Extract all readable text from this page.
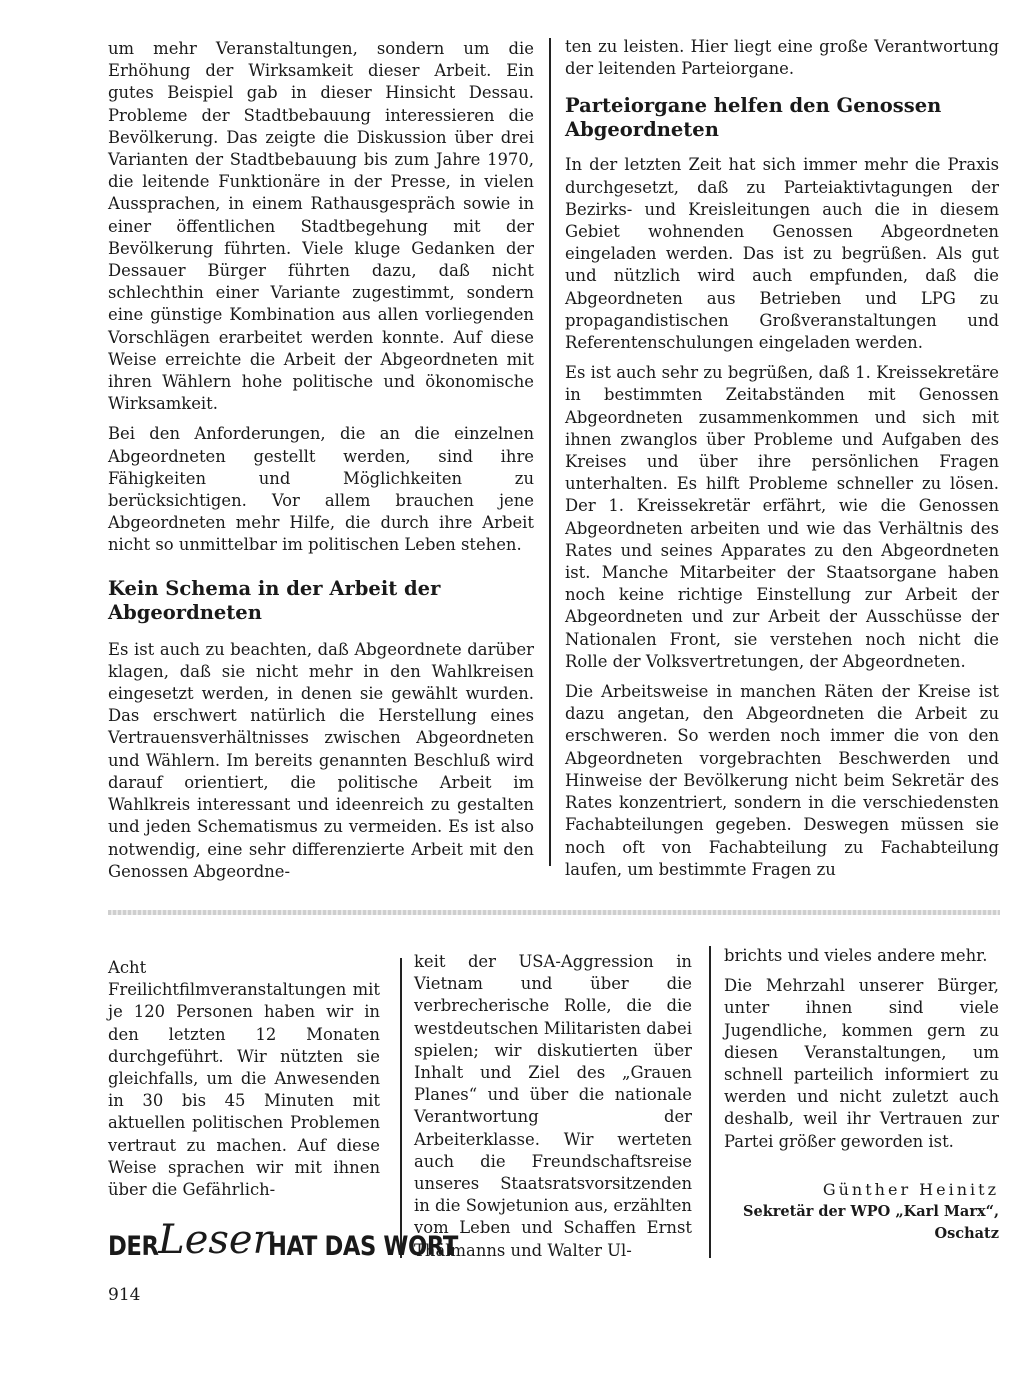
um mehr Veranstaltungen, sondern um die Erhöhung der Wirksamkeit dieser Arbeit. Ein gutes Beispiel gab in dieser Hinsicht Dessau. Probleme der Stadtbebauung interessieren die Bevölkerung. Das zeigte die Diskussion über drei Varianten der Stadtbebauung bis zum Jahre 1970, die leitende Funktionäre in der Presse, in vielen Aussprachen, in einem Rathausgespräch sowie in einer öffentlichen Stadtbegehung mit der Bevölkerung führten. Viele kluge Gedanken der Dessauer Bürger führten dazu, daß nicht schlechthin einer Variante zugestimmt, sondern eine günstige Kombination aus allen vorliegenden Vorschlägen erarbeitet werden konnte. Auf diese Weise erreichte die Arbeit der Abgeordneten mit ihren Wählern hohe politische und ökonomische Wirksamkeit.

Bei den Anforderungen, die an die einzelnen Abgeordneten gestellt werden, sind ihre Fähigkeiten und Möglichkeiten zu berücksichtigen. Vor allem brauchen jene Abgeordneten mehr Hilfe, die durch ihre Arbeit nicht so unmittelbar im politischen Leben stehen.

Kein Schema in der Arbeit der Abgeordneten

Es ist auch zu beachten, daß Abgeordnete darüber klagen, daß sie nicht mehr in den Wahlkreisen eingesetzt werden, in denen sie gewählt wurden. Das erschwert natürlich die Herstellung eines Vertrauensverhältnisses zwischen Abgeordneten und Wählern. Im bereits genannten Beschluß wird darauf orientiert, die politische Arbeit im Wahlkreis interessant und ideenreich zu gestalten und jeden Schematismus zu vermeiden. Es ist also notwendig, eine sehr differenzierte Arbeit mit den Genossen Abgeordne-

ten zu leisten. Hier liegt eine große Verantwortung der leitenden Parteiorgane.

Parteiorgane helfen den Genossen Abgeordneten

In der letzten Zeit hat sich immer mehr die Praxis durchgesetzt, daß zu Parteiaktivtagungen der Bezirks- und Kreisleitungen auch die in diesem Gebiet wohnenden Genossen Abgeordneten eingeladen werden. Das ist zu begrüßen. Als gut und nützlich wird auch empfunden, daß die Abgeordneten aus Betrieben und LPG zu propagandistischen Großveranstaltungen und Referentenschulungen eingeladen werden.

Es ist auch sehr zu begrüßen, daß 1. Kreissekretäre in bestimmten Zeitabständen mit Genossen Abgeordneten zusammenkommen und sich mit ihnen zwanglos über Probleme und Aufgaben des Kreises und über ihre persönlichen Fragen unterhalten. Es hilft Probleme schneller zu lösen. Der 1. Kreissekretär erfährt, wie die Genossen Abgeordneten arbeiten und wie das Verhältnis des Rates und seines Apparates zu den Abgeordneten ist. Manche Mitarbeiter der Staatsorgane haben noch keine richtige Einstellung zur Arbeit der Abgeordneten und zur Arbeit der Ausschüsse der Nationalen Front, sie verstehen noch nicht die Rolle der Volksvertretungen, der Abgeordneten.

Die Arbeitsweise in manchen Räten der Kreise ist dazu angetan, den Abgeordneten die Arbeit zu erschweren. So werden noch immer die von den Abgeordneten vorgebrachten Beschwerden und Hinweise der Bevölkerung nicht beim Sekretär des Rates konzentriert, sondern in die verschiedensten Fachabteilungen gegeben. Deswegen müssen sie noch oft von Fachabteilung zu Fachabteilung laufen, um bestimmte Fragen zu

Acht Freilichtfilmveranstaltungen mit je 120 Personen haben wir in den letzten 12 Monaten durchgeführt. Wir nützten sie gleichfalls, um die Anwesenden in 30 bis 45 Minuten mit aktuellen politischen Problemen vertraut zu machen. Auf diese Weise sprachen wir mit ihnen über die Gefährlich-

keit der USA-Aggression in Vietnam und über die verbrecherische Rolle, die die westdeutschen Militaristen dabei spielen; wir diskutierten über Inhalt und Ziel des „Grauen Planes“ und über die nationale Verantwortung der Arbeiterklasse. Wir werteten auch die Freundschaftsreise unseres Staatsratsvorsitzenden in die Sowjetunion aus, erzählten vom Leben und Schaffen Ernst Thälmanns und Walter Ul-

brichts und vieles andere mehr.

Die Mehrzahl unserer Bürger, unter ihnen sind viele Jugendliche, kommen gern zu diesen Veranstaltungen, um schnell parteilich informiert zu werden und nicht zuletzt auch deshalb, weil ihr Vertrauen zur Partei größer geworden ist.

Günther Heinitz
Sekretär der WPO „Karl Marx“,
Oschatz
DER Leser
HAT DAS WORT
914
